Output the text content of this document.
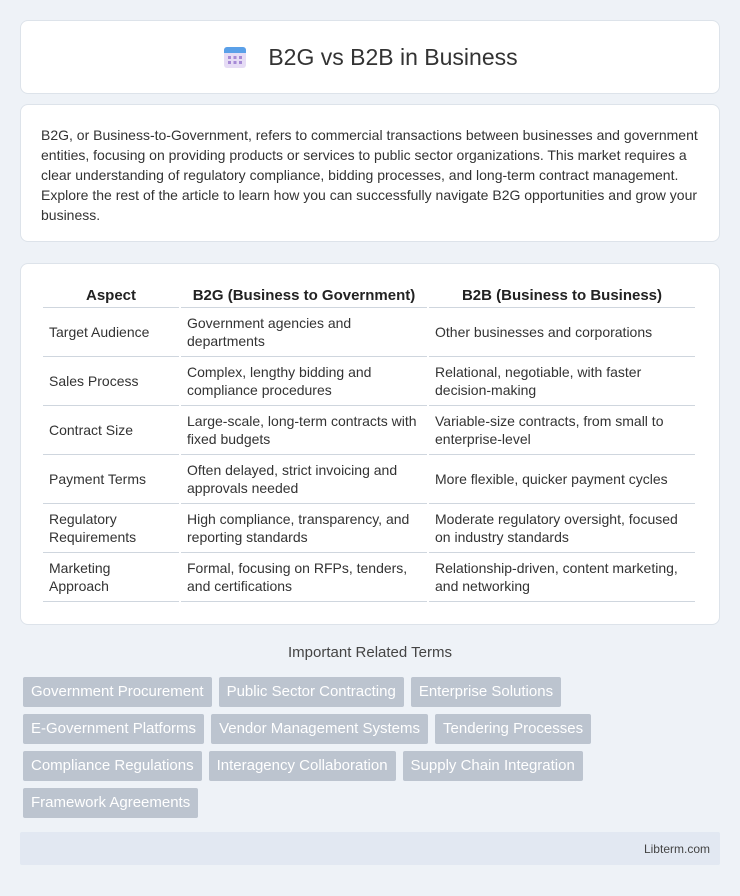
B2G vs B2B in Business

B2G, or Business-to-Government, refers to commercial transactions between businesses and government entities, focusing on providing products or services to public sector organizations. This market requires a clear understanding of regulatory compliance, bidding processes, and long-term contract management. Explore the rest of the article to learn how you can successfully navigate B2G opportunities and grow your business.

Aspect	B2G (Business to Government)	B2B (Business to Business)
Target Audience	Government agencies and departments	Other businesses and corporations
Sales Process	Complex, lengthy bidding and compliance procedures	Relational, negotiable, with faster decision-making
Contract Size	Large-scale, long-term contracts with fixed budgets	Variable-size contracts, from small to enterprise-level
Payment Terms	Often delayed, strict invoicing and approvals needed	More flexible, quicker payment cycles
Regulatory Requirements	High compliance, transparency, and reporting standards	Moderate regulatory oversight, focused on industry standards
Marketing Approach	Formal, focusing on RFPs, tenders, and certifications	Relationship-driven, content marketing, and networking
Important Related Terms
Government Procurement	Public Sector Contracting	Enterprise Solutions
E-Government Platforms	Vendor Management Systems	Tendering Processes
Compliance Regulations	Interagency Collaboration	Supply Chain Integration
Framework Agreements
Libterm.com
